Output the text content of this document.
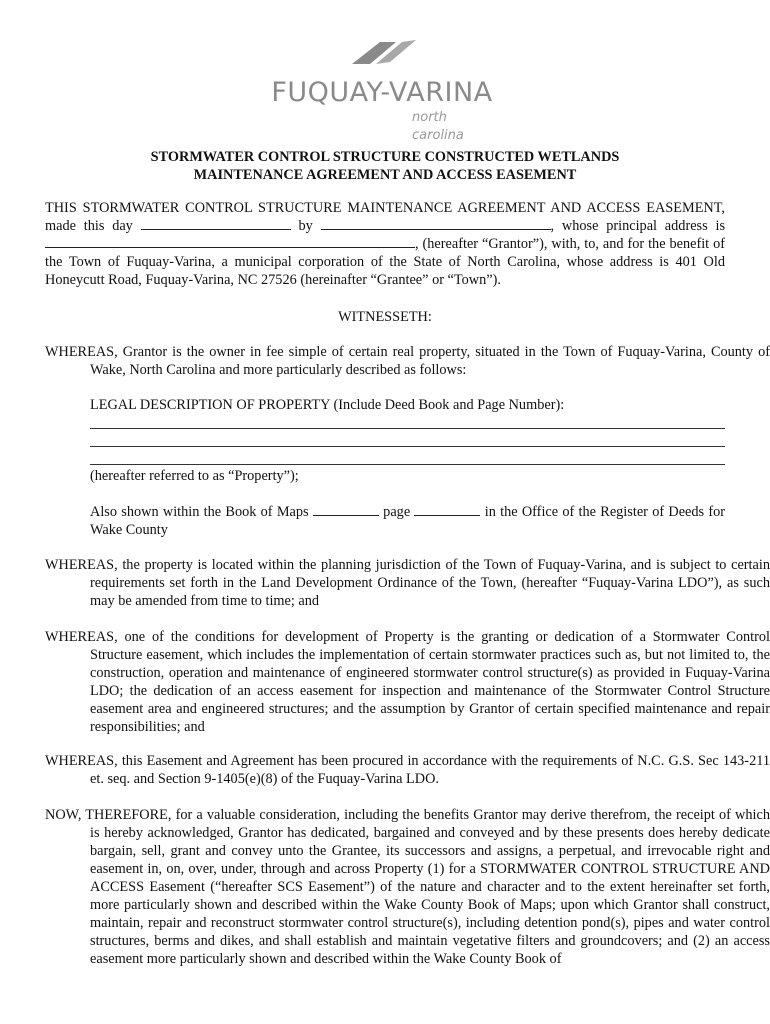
FUQUAY-VARINA
north carolina
STORMWATER CONTROL STRUCTURE CONSTRUCTED WETLANDS
MAINTENANCE AGREEMENT AND ACCESS EASEMENT
THIS STORMWATER CONTROL STRUCTURE MAINTENANCE AGREEMENT AND ACCESS EASEMENT, made this day	by	, whose principal address is , (hereafter “Grantor”), with, to, and for the benefit of the Town of Fuquay-Varina, a municipal corporation of the State of North Carolina, whose address is 401 Old Honeycutt Road, Fuquay-Varina, NC 27526 (hereinafter “Grantee” or “Town”).
WITNESSETH:
WHEREAS, Grantor is the owner in fee simple of certain real property, situated in the Town of Fuquay-Varina, County of Wake, North Carolina and more particularly described as follows:
LEGAL DESCRIPTION OF PROPERTY (Include Deed Book and Page Number):
(hereafter referred to as “Property”);
Also shown within the Book of Maps	page	in the Office of the Register of Deeds for Wake County
WHEREAS, the property is located within the planning jurisdiction of the Town of Fuquay-Varina, and is subject to certain requirements set forth in the Land Development Ordinance of the Town, (hereafter “Fuquay-Varina LDO”), as such may be amended from time to time; and
WHEREAS, one of the conditions for development of Property is the granting or dedication of a Stormwater Control Structure easement, which includes the implementation of certain stormwater practices such as, but not limited to, the construction, operation and maintenance of engineered stormwater control structure(s) as provided in Fuquay-Varina LDO; the dedication of an access easement for inspection and maintenance of the Stormwater Control Structure easement area and engineered structures; and the assumption by Grantor of certain specified maintenance and repair responsibilities; and
WHEREAS, this Easement and Agreement has been procured in accordance with the requirements of N.C. G.S. Sec 143-211 et. seq. and Section 9-1405(e)(8) of the Fuquay-Varina LDO.
NOW, THEREFORE, for a valuable consideration, including the benefits Grantor may derive therefrom, the receipt of which is hereby acknowledged, Grantor has dedicated, bargained and conveyed and by these presents does hereby dedicate bargain, sell, grant and convey unto the Grantee, its successors and assigns, a perpetual, and irrevocable right and easement in, on, over, under, through and across Property (1) for a STORMWATER CONTROL STRUCTURE AND ACCESS Easement (“hereafter SCS Easement”) of the nature and character and to the extent hereinafter set forth, more particularly shown and described within the Wake County Book of Maps; upon which Grantor shall construct, maintain, repair and reconstruct stormwater control structure(s), including detention pond(s), pipes and water control structures, berms and dikes, and shall establish and maintain vegetative filters and groundcovers; and (2) an access easement more particularly shown and described within the Wake County Book of
